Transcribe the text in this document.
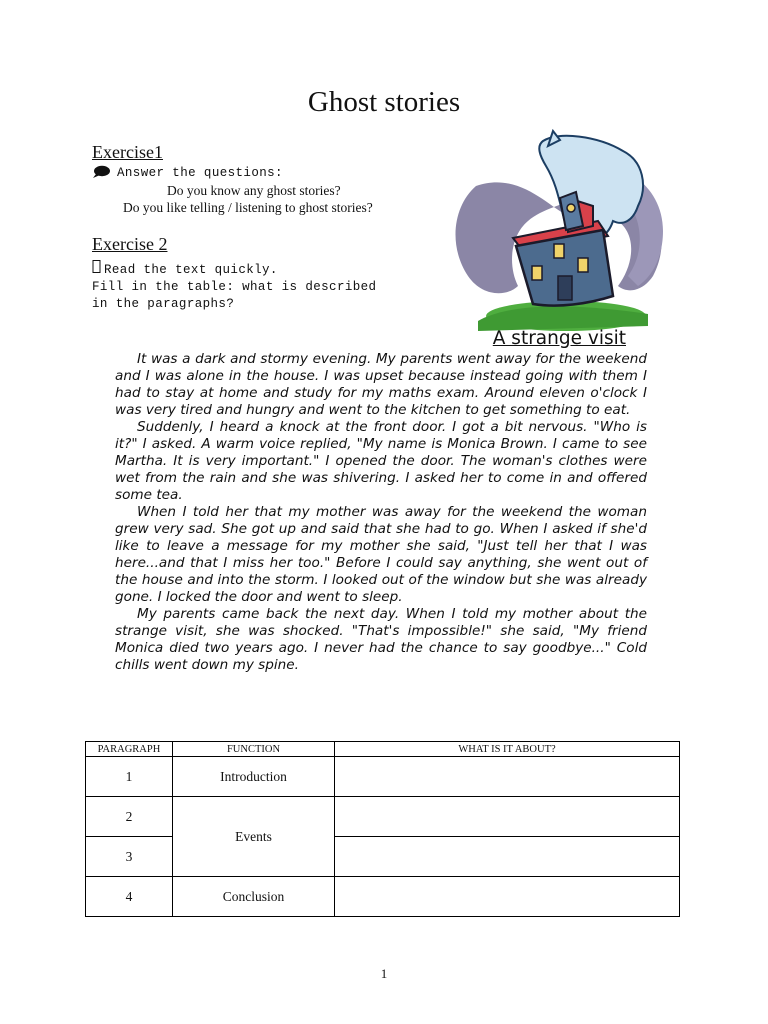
Ghost stories
Exercise1
Answer the questions:
Do you know any ghost stories?
Do you like telling / listening to ghost stories?
Exercise 2
Read the text quickly.
Fill in the table: what is described
in the paragraphs?
A strange visit

It was a dark and stormy evening. My parents went away for the weekend and I was alone in the house. I was upset because instead going with them I had to stay at home and study for my maths exam. Around eleven o'clock I was very tired and hungry and went to the kitchen to get something to eat.

Suddenly, I heard a knock at the front door. I got a bit nervous. "Who is it?" I asked. A warm voice replied, "My name is Monica Brown. I came to see Martha. It is very important." I opened the door. The woman's clothes were wet from the rain and she was shivering. I asked her to come in and offered some tea.

When I told her that my mother was away for the weekend the woman grew very sad. She got up and said that she had to go. When I asked if she'd like to leave a message for my mother she said, "Just tell her that I was here...and that I miss her too." Before I could say anything, she went out of the house and into the storm. I looked out of the window but she was already gone. I locked the door and went to sleep.

My parents came back the next day. When I told my mother about the strange visit, she was shocked. "That's impossible!" she said, "My friend Monica died two years ago. I never had the chance to say goodbye..." Cold chills went down my spine.

PARAGRAPH	FUNCTION	WHAT IS IT ABOUT?
1	Introduction	
2	Events	
3		
4	Conclusion	
1
